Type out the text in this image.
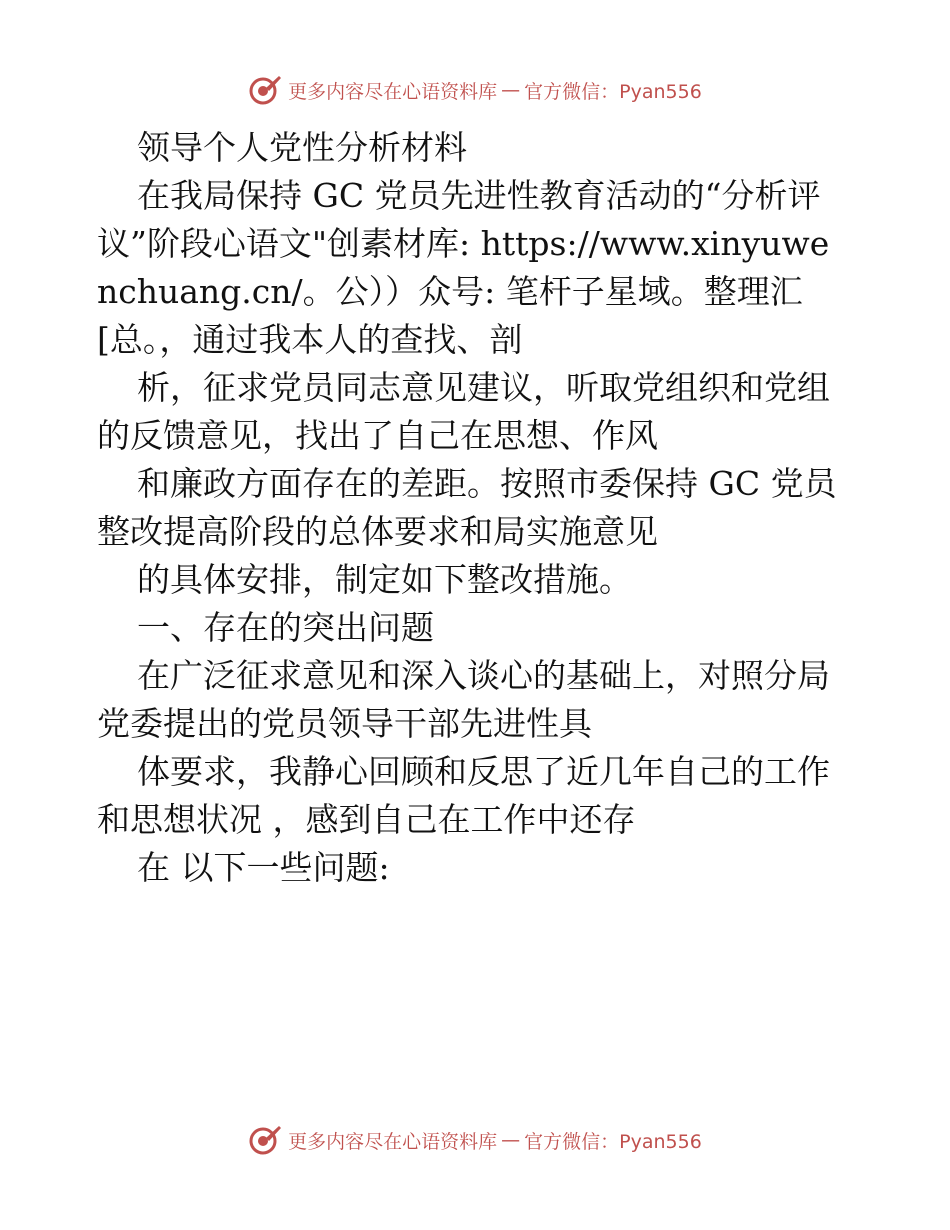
更多内容尽在心语资料库 — 官方微信：Pyan556

领导个人党性分析材料

在我局保持 GC 党员先进性教育活动的“分析评

议”阶段心语文"创素材库: https://www.xinyuwe

nchuang.cn/。公））众号: 笔杆子星域。整理汇

[总。，通过我本人的查找、剖

析，征求党员同志意见建议，听取党组织和党组

的反馈意见，找出了自己在思想、作风

和廉政方面存在的差距。按照市委保持 GC 党员

整改提高阶段的总体要求和局实施意见

的具体安排，制定如下整改措施。

一、存在的突出问题

在广泛征求意见和深入谈心的基础上，对照分局

党委提出的党员领导干部先进性具

体要求，我静心回顾和反思了近几年自己的工作

和思想状况 ，感到自己在工作中还存

在 以下一些问题:

更多内容尽在心语资料库 — 官方微信：Pyan556
